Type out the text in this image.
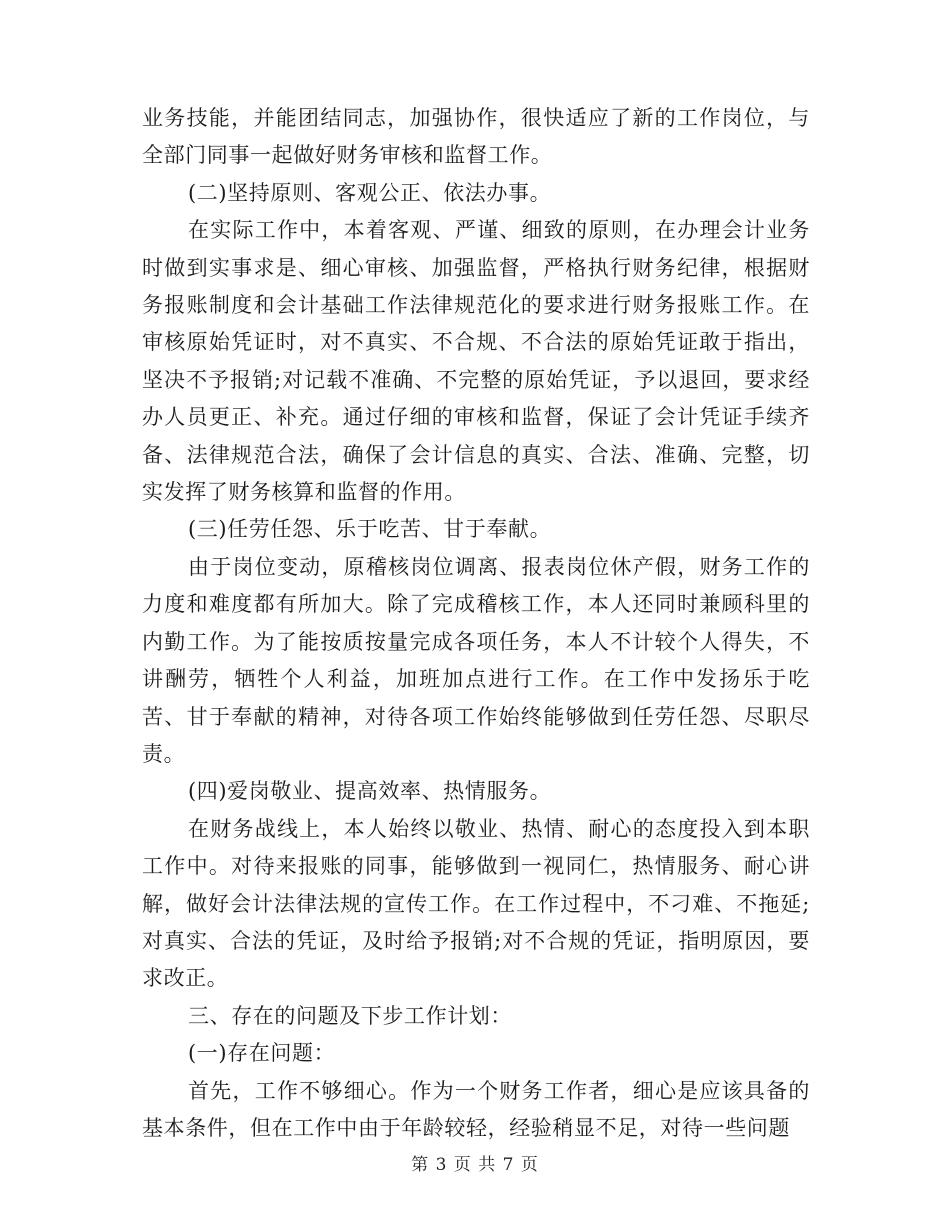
业务技能，并能团结同志，加强协作，很快适应了新的工作岗位，与全部门同事一起做好财务审核和监督工作。

(二)坚持原则、客观公正、依法办事。

在实际工作中，本着客观、严谨、细致的原则，在办理会计业务时做到实事求是、细心审核、加强监督，严格执行财务纪律，根据财务报账制度和会计基础工作法律规范化的要求进行财务报账工作。在审核原始凭证时，对不真实、不合规、不合法的原始凭证敢于指出，坚决不予报销;对记载不准确、不完整的原始凭证，予以退回，要求经办人员更正、补充。通过仔细的审核和监督，保证了会计凭证手续齐备、法律规范合法，确保了会计信息的真实、合法、准确、完整，切实发挥了财务核算和监督的作用。

(三)任劳任怨、乐于吃苦、甘于奉献。

由于岗位变动，原稽核岗位调离、报表岗位休产假，财务工作的力度和难度都有所加大。除了完成稽核工作，本人还同时兼顾科里的内勤工作。为了能按质按量完成各项任务，本人不计较个人得失，不讲酬劳，牺牲个人利益，加班加点进行工作。在工作中发扬乐于吃苦、甘于奉献的精神，对待各项工作始终能够做到任劳任怨、尽职尽责。

(四)爱岗敬业、提高效率、热情服务。

在财务战线上，本人始终以敬业、热情、耐心的态度投入到本职工作中。对待来报账的同事，能够做到一视同仁，热情服务、耐心讲解，做好会计法律法规的宣传工作。在工作过程中，不刁难、不拖延;对真实、合法的凭证，及时给予报销;对不合规的凭证，指明原因，要求改正。

三、存在的问题及下步工作计划：

(一)存在问题：

首先，工作不够细心。作为一个财务工作者，细心是应该具备的基本条件，但在工作中由于年龄较轻，经验稍显不足，对待一些问题

第 3 页 共 7 页
